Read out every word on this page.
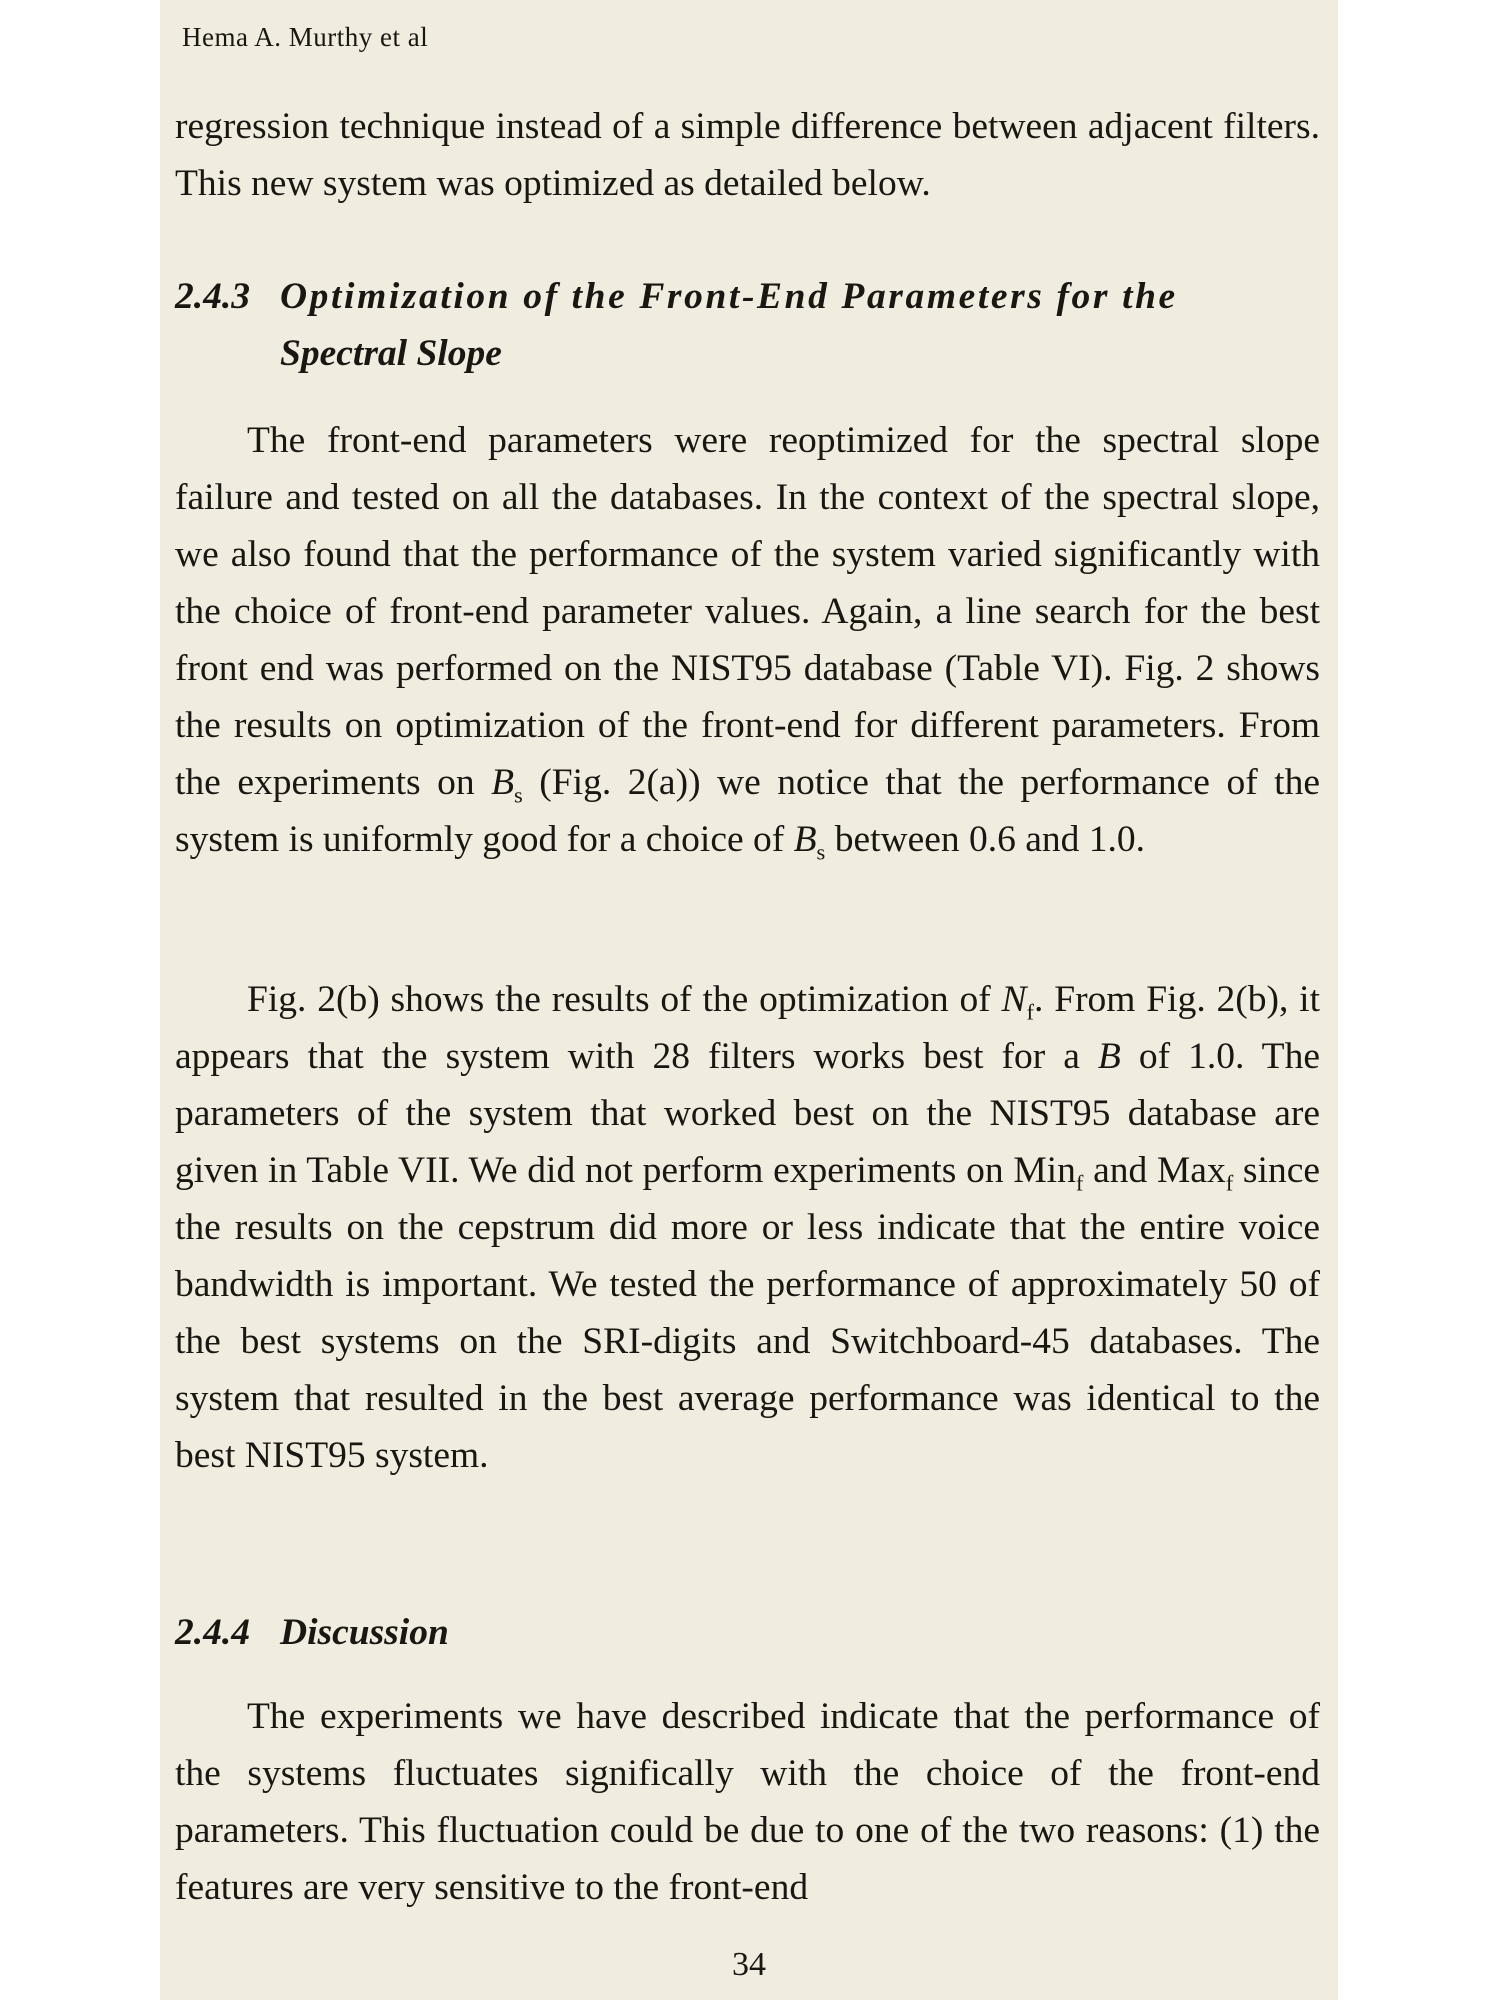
Hema A. Murthy et al

regression technique instead of a simple difference between adjacent filters. This new system was optimized as detailed below.

2.4.3 Optimization of the Front-End Parameters for the
Spectral Slope

The front-end parameters were reoptimized for the spectral slope failure and tested on all the databases. In the context of the spectral slope, we also found that the performance of the system varied significantly with the choice of front-end parameter values. Again, a line search for the best front end was performed on the NIST95 database (Table VI). Fig. 2 shows the results on optimization of the front-end for different parameters. From the experiments on $B_s$ (Fig. 2(a)) we notice that the performance of the system is uniformly good for a choice of $B_s$ between 0.6 and 1.0.

Fig. 2(b) shows the results of the optimization of $N_f$. From Fig. 2(b), it appears that the system with 28 filters works best for a B of 1.0. The parameters of the system that worked best on the NIST95 database are given in Table VII. We did not perform experiments on Min$_f$ and Max$_f$ since the results on the cepstrum did more or less indicate that the entire voice bandwidth is important. We tested the performance of approximately 50 of the best systems on the SRI-digits and Switchboard-45 databases. The system that resulted in the best average performance was identical to the best NIST95 system.

2.4.4 Discussion

The experiments we have described indicate that the performance of the systems fluctuates significally with the choice of the front-end parameters. This fluctuation could be due to one of the two reasons: (1) the features are very sensitive to the front-end

34
